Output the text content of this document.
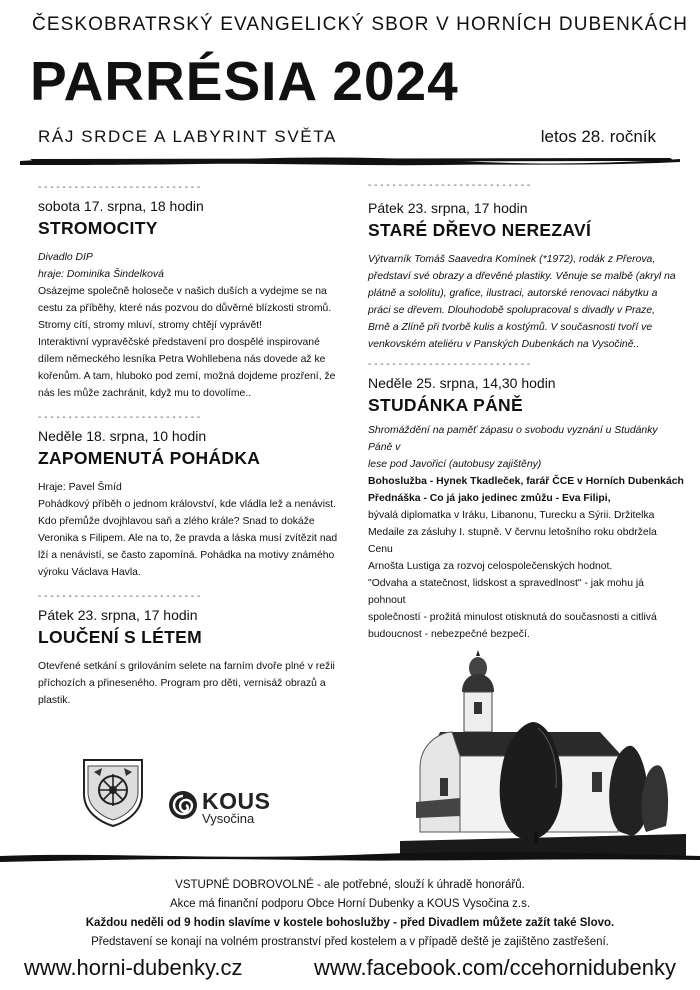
ČESKOBRATRSKÝ EVANGELICKÝ SBOR V HORNÍCH DUBENKÁCH
PARRÉSIA 2024
RÁJ SRDCE A LABYRINT SVĚTA	letos 28. ročník
- - - - - - - - - - - - - - - - - - - - - - - - - - -
sobota 17. srpna, 18 hodin
STROMOCITY
Divadlo DIP
hraje: Dominika Šindelková
Osázejme společně holoseče v našich duších a vydejme se na
cestu za příběhy, které nás pozvou do důvěrné blízkosti stromů.
Stromy cítí, stromy mluví, stromy chtějí vyprávět!
Interaktivní vypravěčské představení pro dospělé inspirované
dílem německého lesníka Petra Wohllebena nás dovede až ke
kořenům. A tam, hluboko pod zemí, možná dojdeme prozření, že
nás les může zachránit, když mu to dovolíme..
- - - - - - - - - - - - - - - - - - - - - - - - - - -
Neděle 18. srpna, 10 hodin
ZAPOMENUTÁ POHÁDKA
Hraje: Pavel Šmíd
Pohádkový příběh o jednom království, kde vládla lež a nenávist.
Kdo přemůže dvojhlavou saň a zlého krále? Snad to dokáže
Veronika s Filipem. Ale na to, že pravda a láska musí zvítězit nad
lží a nenávistí, se často zapomíná. Pohádka na motivy známého
výroku Václava Havla.
- - - - - - - - - - - - - - - - - - - - - - - - - - -
Pátek 23. srpna, 17 hodin
LOUČENÍ S LÉTEM
Otevřené setkání s grilováním selete na farním dvoře plné v režii
příchozích a přineseného. Program pro děti, vernisáž obrazů a
plastik.
- - - - - - - - - - - - - - - - - - - - - - - - - - -
Pátek 23. srpna, 17 hodin
STARÉ DŘEVO NEREZAVÍ
Výtvarník Tomáš Saavedra Komínek (*1972), rodák z Přerova,
představí své obrazy a dřevěné plastiky. Věnuje se malbě (akryl na
plátně a sololitu), grafice, ilustraci, autorské renovaci nábytku a
práci se dřevem. Dlouhodobě spolupracoval s divadly v Praze,
Brně a Zlíně při tvorbě kulis a kostýmů. V současnosti tvoří ve
venkovském ateliéru v Panských Dubenkách na Vysočině..
- - - - - - - - - - - - - - - - - - - - - - - - - - -
Neděle 25. srpna, 14,30 hodin
STUDÁNKA PÁNĚ
Shromáždění na paměť zápasu o svobodu vyznání u Studánky Páně v
lese pod Javořicí (autobusy zajištěny)
Bohoslužba - Hynek Tkadleček, farář ČCE v Horních Dubenkách
Přednáška - Co já jako jedinec zmůžu - Eva Filipi,
bývalá diplomatka v Iráku, Libanonu, Turecku a Sýrii. Držitelka
Medaile za zásluhy I. stupně. V červnu letošního roku obdržela Cenu
Arnošta Lustiga za rozvoj celospolečenských hodnot.
"Odvaha a statečnost, lidskost a spravedlnost" - jak mohu já pohnout
společností - prožitá minulost otisknutá do současnosti a citlivá
budoucnost - nebezpečné bezpečí.
KOUS
Vysočina
VSTUPNÉ DOBROVOLNÉ - ale potřebné, slouží k úhradě honorářů.
Akce má finanční podporu Obce Horní Dubenky a KOUS Vysočina z.s.
Každou neděli od 9 hodin slavíme v kostele bohoslužby - před Divadlem můžete zažít také Slovo.
Představení se konají na volném prostranství před kostelem a v případě deště je zajištěno zastřešení.
www.horni-dubenky.cz	www.facebook.com/ccehornidubenky
